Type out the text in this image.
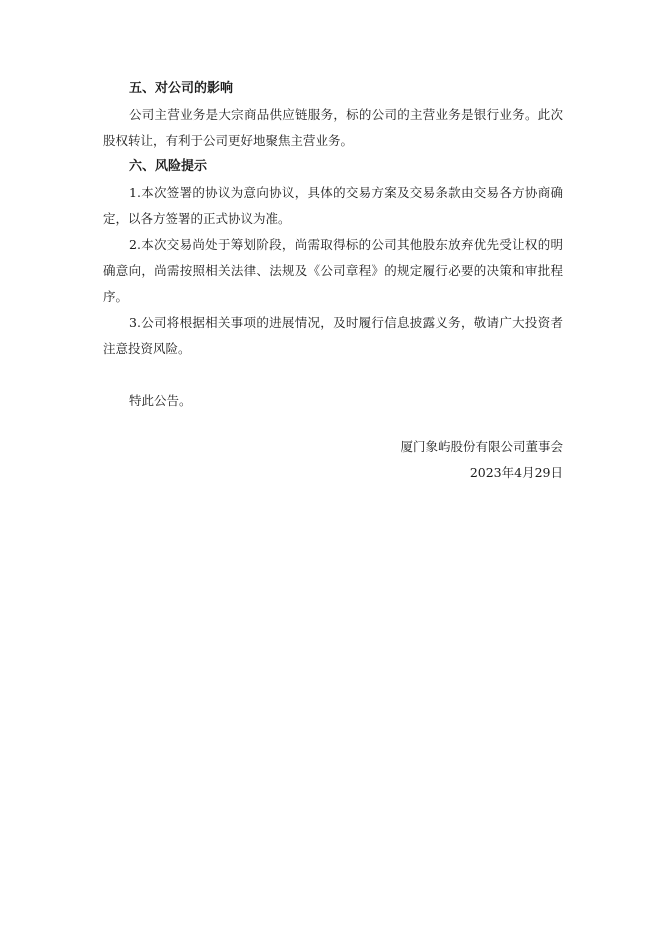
五、对公司的影响

公司主营业务是大宗商品供应链服务，标的公司的主营业务是银行业务。此次股权转让，有利于公司更好地聚焦主营业务。

六、风险提示

1.本次签署的协议为意向协议，具体的交易方案及交易条款由交易各方协商确定，以各方签署的正式协议为准。

2.本次交易尚处于筹划阶段，尚需取得标的公司其他股东放弃优先受让权的明确意向，尚需按照相关法律、法规及《公司章程》的规定履行必要的决策和审批程序。

3.公司将根据相关事项的进展情况，及时履行信息披露义务，敬请广大投资者注意投资风险。

特此公告。

厦门象屿股份有限公司董事会

2023年4月29日
